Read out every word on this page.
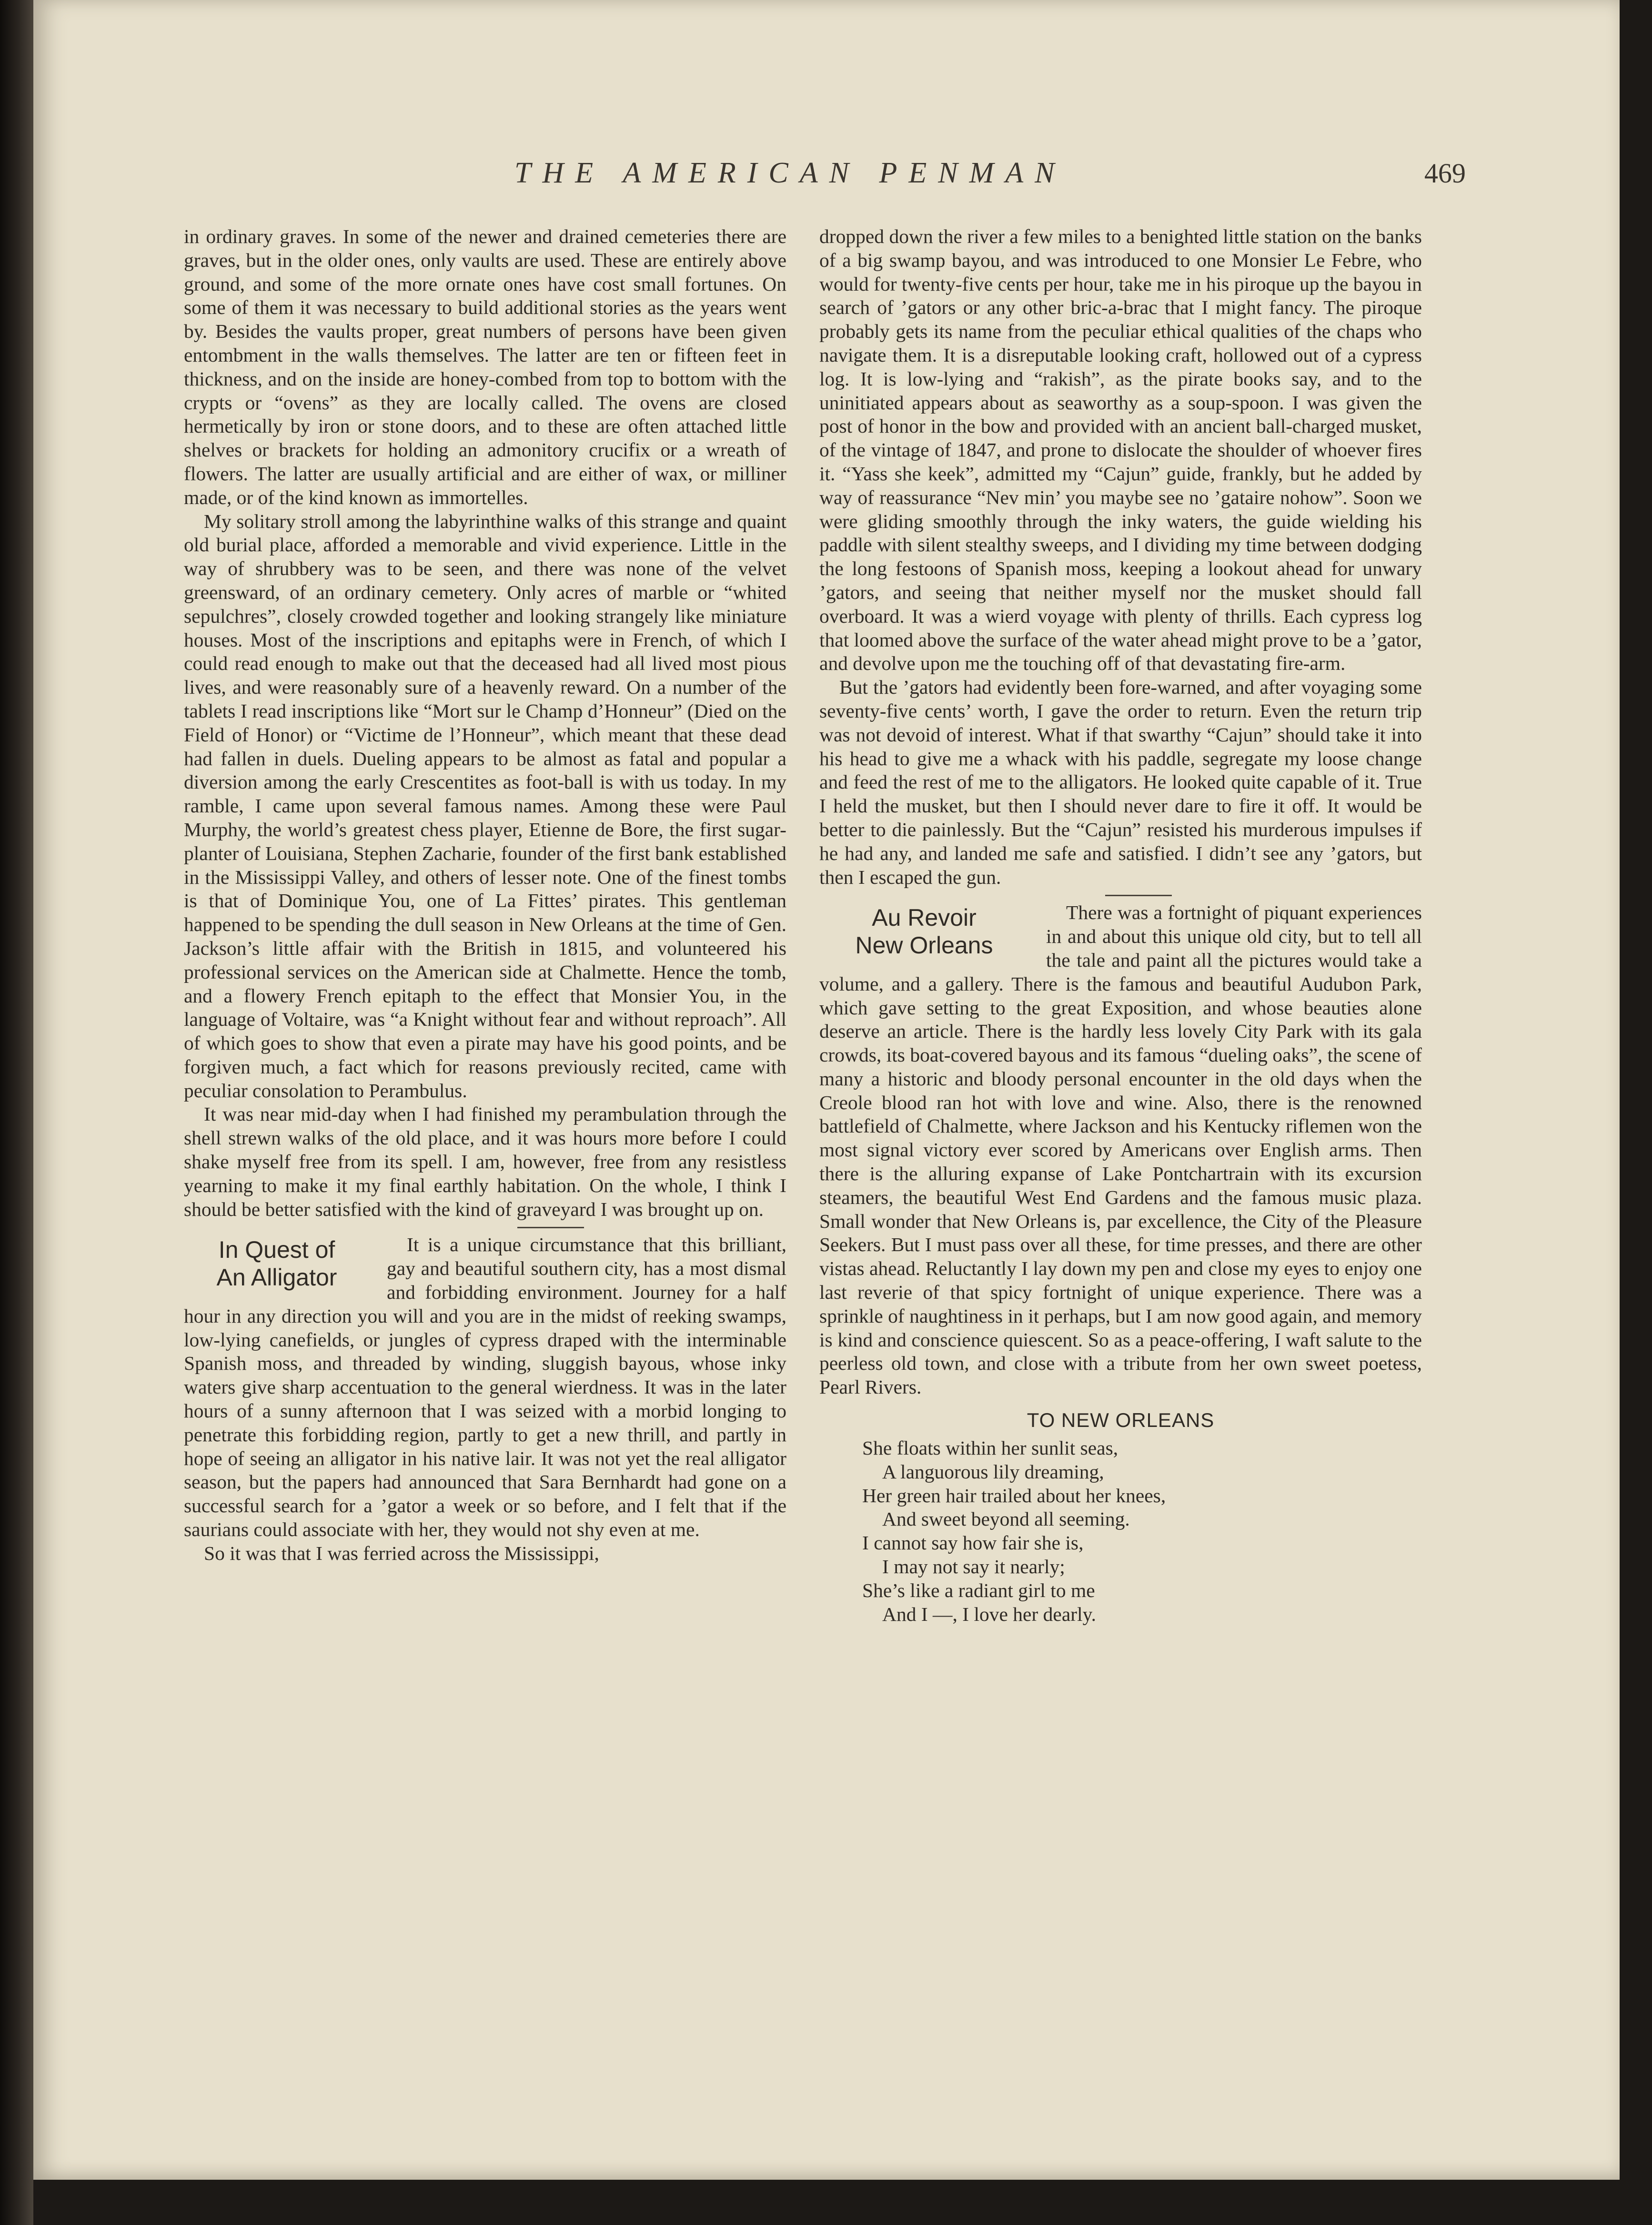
THE AMERICAN PENMAN	469

in ordinary graves. In some of the newer and drained cemeteries there are graves, but in the older ones, only vaults are used. These are entirely above ground, and some of the more ornate ones have cost small fortunes. On some of them it was necessary to build additional stories as the years went by. Besides the vaults proper, great numbers of persons have been given entombment in the walls themselves. The latter are ten or fifteen feet in thickness, and on the inside are honey-combed from top to bottom with the crypts or “ovens” as they are locally called. The ovens are closed hermetically by iron or stone doors, and to these are often attached little shelves or brackets for holding an admonitory crucifix or a wreath of flowers. The latter are usually artificial and are either of wax, or milliner made, or of the kind known as immortelles.

My solitary stroll among the labyrinthine walks of this strange and quaint old burial place, afforded a memorable and vivid experience. Little in the way of shrubbery was to be seen, and there was none of the velvet greensward, of an ordinary cemetery. Only acres of marble or “whited sepulchres”, closely crowded together and looking strangely like miniature houses. Most of the inscriptions and epitaphs were in French, of which I could read enough to make out that the deceased had all lived most pious lives, and were reasonably sure of a heavenly reward. On a number of the tablets I read inscriptions like “Mort sur le Champ d’Honneur” (Died on the Field of Honor) or “Victime de l’Honneur”, which meant that these dead had fallen in duels. Dueling appears to be almost as fatal and popular a diversion among the early Crescentites as foot-ball is with us today. In my ramble, I came upon several famous names. Among these were Paul Murphy, the world’s greatest chess player, Etienne de Bore, the first sugar-planter of Louisiana, Stephen Zacharie, founder of the first bank established in the Mississippi Valley, and others of lesser note. One of the finest tombs is that of Dominique You, one of La Fittes’ pirates. This gentleman happened to be spending the dull season in New Orleans at the time of Gen. Jackson’s little affair with the British in 1815, and volunteered his professional services on the American side at Chalmette. Hence the tomb, and a flowery French epitaph to the effect that Monsier You, in the language of Voltaire, was “a Knight without fear and without reproach”. All of which goes to show that even a pirate may have his good points, and be forgiven much, a fact which for reasons previously recited, came with peculiar consolation to Perambulus.

It was near mid-day when I had finished my perambulation through the shell strewn walks of the old place, and it was hours more before I could shake myself free from its spell. I am, however, free from any resistless yearning to make it my final earthly habitation. On the whole, I think I should be better satisfied with the kind of graveyard I was brought up on.

In Quest of
An Alligator

It is a unique circumstance that this brilliant, gay and beautiful southern city, has a most dismal and forbidding environment. Journey for a half hour in any direction you will and you are in the midst of reeking swamps, low-lying canefields, or jungles of cypress draped with the interminable Spanish moss, and threaded by winding, sluggish bayous, whose inky waters give sharp accentuation to the general wierdness. It was in the later hours of a sunny afternoon that I was seized with a morbid longing to penetrate this forbidding region, partly to get a new thrill, and partly in hope of seeing an alligator in his native lair. It was not yet the real alligator season, but the papers had announced that Sara Bernhardt had gone on a successful search for a ’gator a week or so before, and I felt that if the saurians could associate with her, they would not shy even at me.

So it was that I was ferried across the Mississippi,

dropped down the river a few miles to a benighted little station on the banks of a big swamp bayou, and was introduced to one Monsier Le Febre, who would for twenty-five cents per hour, take me in his piroque up the bayou in search of ’gators or any other bric-a-brac that I might fancy. The piroque probably gets its name from the peculiar ethical qualities of the chaps who navigate them. It is a disreputable looking craft, hollowed out of a cypress log. It is low-lying and “rakish”, as the pirate books say, and to the uninitiated appears about as seaworthy as a soup-spoon. I was given the post of honor in the bow and provided with an ancient ball-charged musket, of the vintage of 1847, and prone to dislocate the shoulder of whoever fires it. “Yass she keek”, admitted my “Cajun” guide, frankly, but he added by way of reassurance “Nev min’ you maybe see no ’gataire nohow”. Soon we were gliding smoothly through the inky waters, the guide wielding his paddle with silent stealthy sweeps, and I dividing my time between dodging the long festoons of Spanish moss, keeping a lookout ahead for unwary ’gators, and seeing that neither myself nor the musket should fall overboard. It was a wierd voyage with plenty of thrills. Each cypress log that loomed above the surface of the water ahead might prove to be a ’gator, and devolve upon me the touching off of that devastating fire-arm.

But the ’gators had evidently been fore-warned, and after voyaging some seventy-five cents’ worth, I gave the order to return. Even the return trip was not devoid of interest. What if that swarthy “Cajun” should take it into his head to give me a whack with his paddle, segregate my loose change and feed the rest of me to the alligators. He looked quite capable of it. True I held the musket, but then I should never dare to fire it off. It would be better to die painlessly. But the “Cajun” resisted his murderous impulses if he had any, and landed me safe and satisfied. I didn’t see any ’gators, but then I escaped the gun.

Au Revoir
New Orleans

There was a fortnight of piquant experiences in and about this unique old city, but to tell all the tale and paint all the pictures would take a volume, and a gallery. There is the famous and beautiful Audubon Park, which gave setting to the great Exposition, and whose beauties alone deserve an article. There is the hardly less lovely City Park with its gala crowds, its boat-covered bayous and its famous “dueling oaks”, the scene of many a historic and bloody personal encounter in the old days when the Creole blood ran hot with love and wine. Also, there is the renowned battlefield of Chalmette, where Jackson and his Kentucky riflemen won the most signal victory ever scored by Americans over English arms. Then there is the alluring expanse of Lake Pontchartrain with its excursion steamers, the beautiful West End Gardens and the famous music plaza. Small wonder that New Orleans is, par excellence, the City of the Pleasure Seekers. But I must pass over all these, for time presses, and there are other vistas ahead. Reluctantly I lay down my pen and close my eyes to enjoy one last reverie of that spicy fortnight of unique experience. There was a sprinkle of naughtiness in it perhaps, but I am now good again, and memory is kind and conscience quiescent. So as a peace-offering, I waft salute to the peerless old town, and close with a tribute from her own sweet poetess, Pearl Rivers.

TO NEW ORLEANS
She floats within her sunlit seas,
A languorous lily dreaming,
Her green hair trailed about her knees,
And sweet beyond all seeming.
I cannot say how fair she is,
I may not say it nearly;
She’s like a radiant girl to me
And I —, I love her dearly.
